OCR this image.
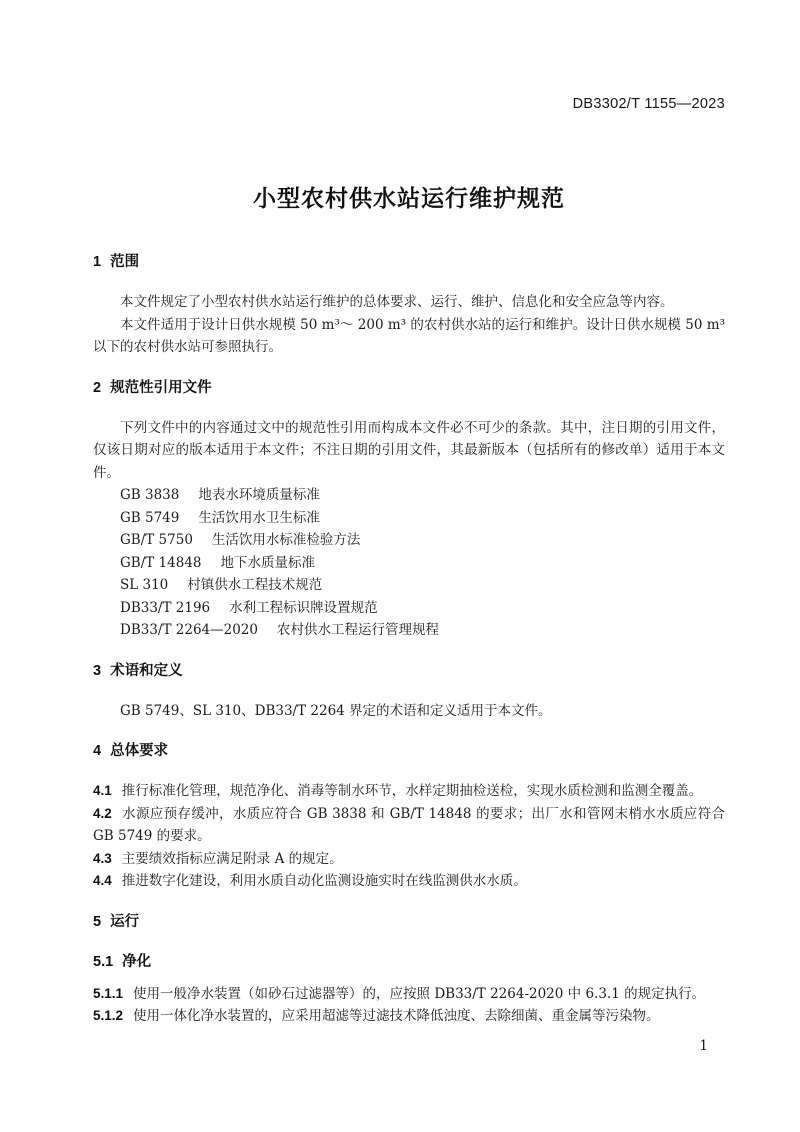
DB3302/T 1155—2023
小型农村供水站运行维护规范
1 范围

本文件规定了小型农村供水站运行维护的总体要求、运行、维护、信息化和安全应急等内容。

本文件适用于设计日供水规模 50 m³～ 200 m³ 的农村供水站的运行和维护。设计日供水规模 50 m³以下的农村供水站可参照执行。

2 规范性引用文件

下列文件中的内容通过文中的规范性引用而构成本文件必不可少的条款。其中，注日期的引用文件，仅该日期对应的版本适用于本文件；不注日期的引用文件，其最新版本（包括所有的修改单）适用于本文件。

GB 3838 地表水环境质量标准

GB 5749 生活饮用水卫生标准

GB/T 5750 生活饮用水标准检验方法

GB/T 14848 地下水质量标准

SL 310 村镇供水工程技术规范

DB33/T 2196 水利工程标识牌设置规范

DB33/T 2264—2020 农村供水工程运行管理规程

3 术语和定义

GB 5749、SL 310、DB33/T 2264 界定的术语和定义适用于本文件。

4 总体要求

4.1 推行标准化管理，规范净化、消毒等制水环节，水样定期抽检送检，实现水质检测和监测全覆盖。

4.2 水源应预存缓冲，水质应符合 GB 3838 和 GB/T 14848 的要求；出厂水和管网末梢水水质应符合 GB 5749 的要求。

4.3 主要绩效指标应满足附录 A 的规定。

4.4 推进数字化建设，利用水质自动化监测设施实时在线监测供水水质。

5 运行
5.1 净化

5.1.1 使用一般净水装置（如砂石过滤器等）的，应按照 DB33/T 2264-2020 中 6.3.1 的规定执行。

5.1.2 使用一体化净水装置的，应采用超滤等过滤技术降低浊度、去除细菌、重金属等污染物。

1
